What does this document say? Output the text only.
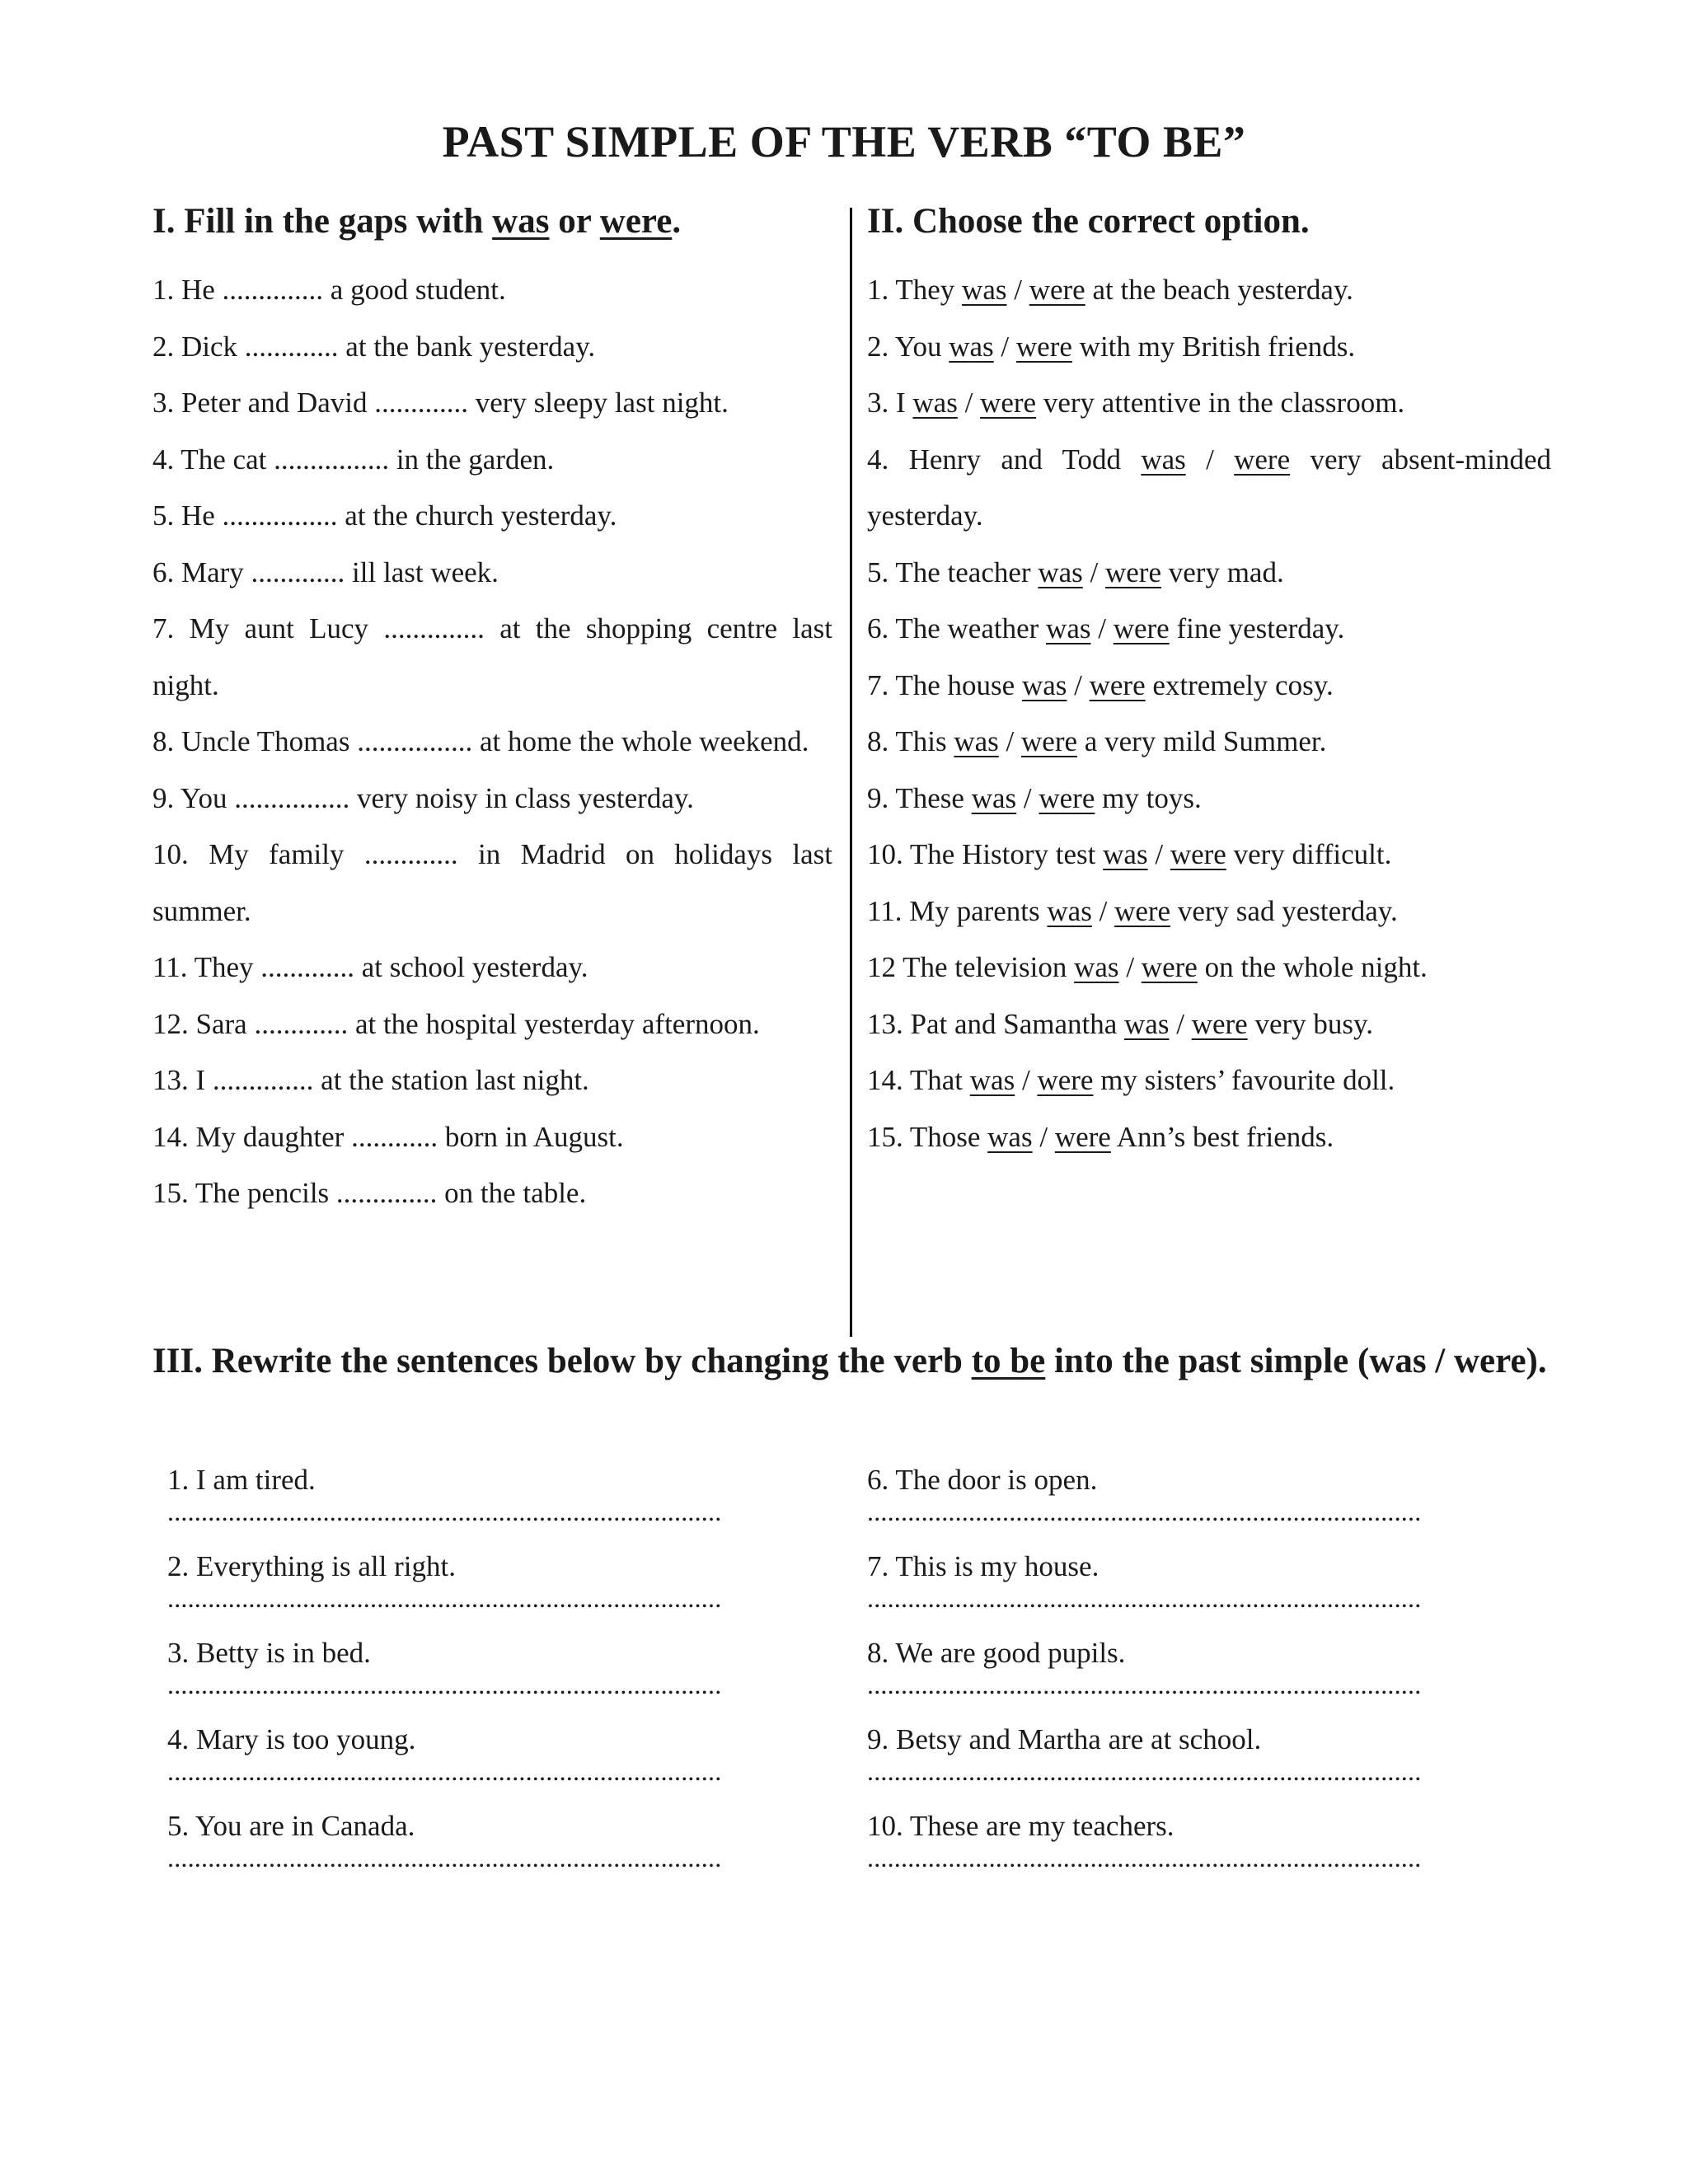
PAST SIMPLE OF THE VERB “TO BE”
I. Fill in the gaps with was or were.
1. He .............. a good student.
2. Dick ............. at the bank yesterday.
3. Peter and David ............. very sleepy last night.
4. The cat ................ in the garden.
5. He ................ at the church yesterday.
6. Mary ............. ill last week.
7. My aunt Lucy .............. at the shopping centre last night.
8. Uncle Thomas ................ at home the whole weekend.
9. You ................ very noisy in class yesterday.
10. My family ............. in Madrid on holidays last summer.
11. They ............. at school yesterday.
12. Sara ............. at the hospital yesterday afternoon.
13. I .............. at the station last night.
14. My daughter ............ born in August.
15. The pencils .............. on the table.
II. Choose the correct option.
1. They was / were at the beach yesterday.
2. You was / were with my British friends.
3. I was / were very attentive in the classroom.
4. Henry and Todd was / were very absent-minded yesterday.
5. The teacher was / were very mad.
6. The weather was / were fine yesterday.
7. The house was / were extremely cosy.
8. This was / were a very mild Summer.
9. These was / were my toys.
10. The History test was / were very difficult.
11. My parents was / were very sad yesterday.
12 The television was / were on the whole night.
13. Pat and Samantha was / were very busy.
14. That was / were my sisters’ favourite doll.
15. Those was / were Ann’s best friends.
III. Rewrite the sentences below by changing the verb to be into the past simple (was / were).
1. I am tired.
..................................................................................
2. Everything is all right.
..................................................................................
3. Betty is in bed.
..................................................................................
4. Mary is too young.
..................................................................................
5. You are in Canada.
..................................................................................
6. The door is open.
..................................................................................
7. This is my house.
..................................................................................
8. We are good pupils.
..................................................................................
9. Betsy and Martha are at school.
..................................................................................
10. These are my teachers.
..................................................................................
